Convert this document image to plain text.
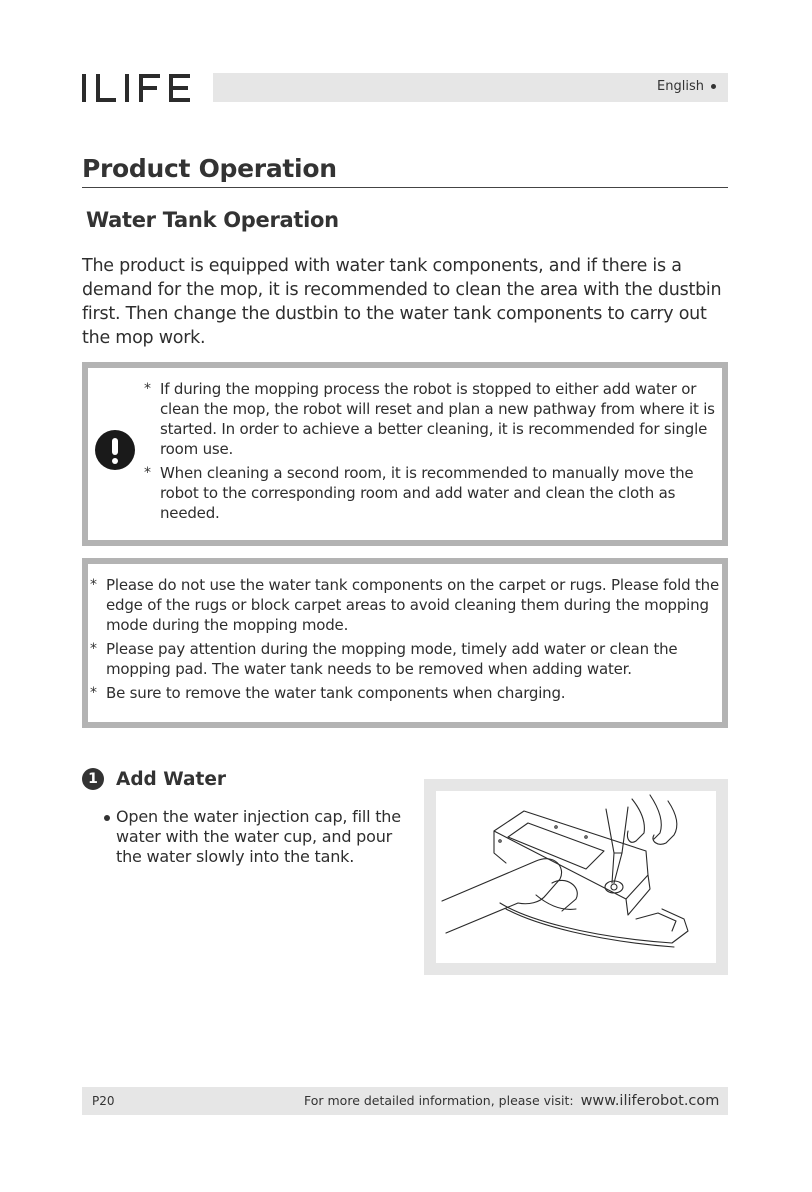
English
Product Operation
Water Tank Operation

The product is equipped with water tank components, and if there is a demand for the mop, it is recommended to clean the area with the dustbin first. Then change the dustbin to the water tank components to carry out the mop work.

* If during the mopping process the robot is stopped to either add water or clean the mop, the robot will reset and plan a new pathway from where it is started. In order to achieve a better cleaning, it is recommended for single room use.
* When cleaning a second room, it is recommended to manually move the robot to the corresponding room and add water and clean the cloth as needed.
* Please do not use the water tank components on the carpet or rugs. Please fold the edge of the rugs or block carpet areas to avoid cleaning them during the mopping mode during the mopping mode.
* Please pay attention during the mopping mode, timely add water or clean the mopping pad. The water tank needs to be removed when adding water.
* Be sure to remove the water tank components when charging.
1 Add Water
Open the water injection cap, fill the water with the water cup, and pour the water slowly into the tank.
P20	For more detailed information, please visit: www.iliferobot.com
